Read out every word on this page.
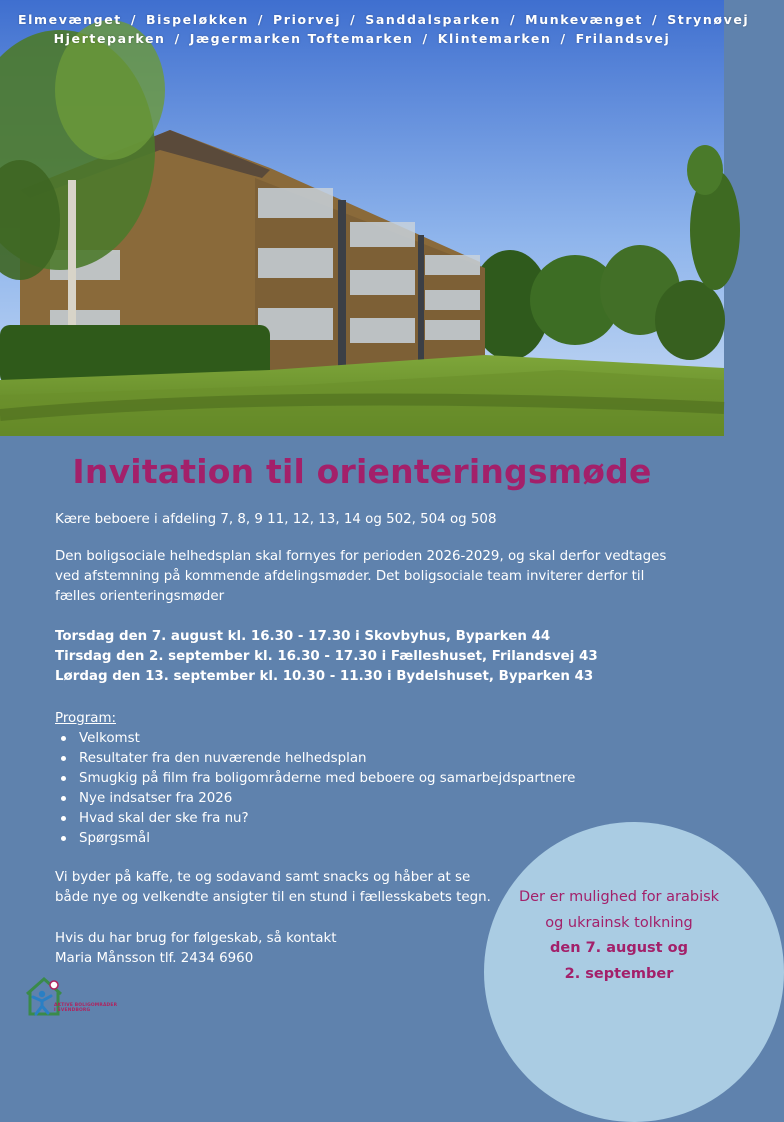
Elmevænget / Bispeløkken / Priorvej / Sanddalsparken / Munkevænget / Strynøvej
Hjerteparken / Jægermarken Toftemarken / Klintemarken / Frilandsvej
Invitation til orienteringsmøde

Kære beboere i afdeling 7, 8, 9 11, 12, 13, 14 og 502, 504 og 508

Den boligsociale helhedsplan skal fornyes for perioden 2026-2029, og skal derfor vedtages ved afstemning på kommende afdelingsmøder. Det boligsociale team inviterer derfor til fælles orienteringsmøder

Torsdag den 7. august kl. 16.30 - 17.30 i Skovbyhus, Byparken 44
Tirsdag den 2. september kl. 16.30 - 17.30 i Fælleshuset, Frilandsvej 43
Lørdag den 13. september kl. 10.30 - 11.30 i Bydelshuset, Byparken 43
Program:
Velkomst
Resultater fra den nuværende helhedsplan
Smugkig på film fra boligområderne med beboere og samarbejdspartnere
Nye indsatser fra 2026
Hvad skal der ske fra nu?
Spørgsmål

Vi byder på kaffe, te og sodavand samt snacks og håber at se både nye og velkendte ansigter til en stund i fællesskabets tegn.

Hvis du har brug for følgeskab, så kontakt
Maria Månsson tlf. 2434 6960
Der er mulighed for arabisk
og ukrainsk tolkning
den 7. august og
2. september
AKTIVE BOLIGOMRÅDER
I SVENDBORG
